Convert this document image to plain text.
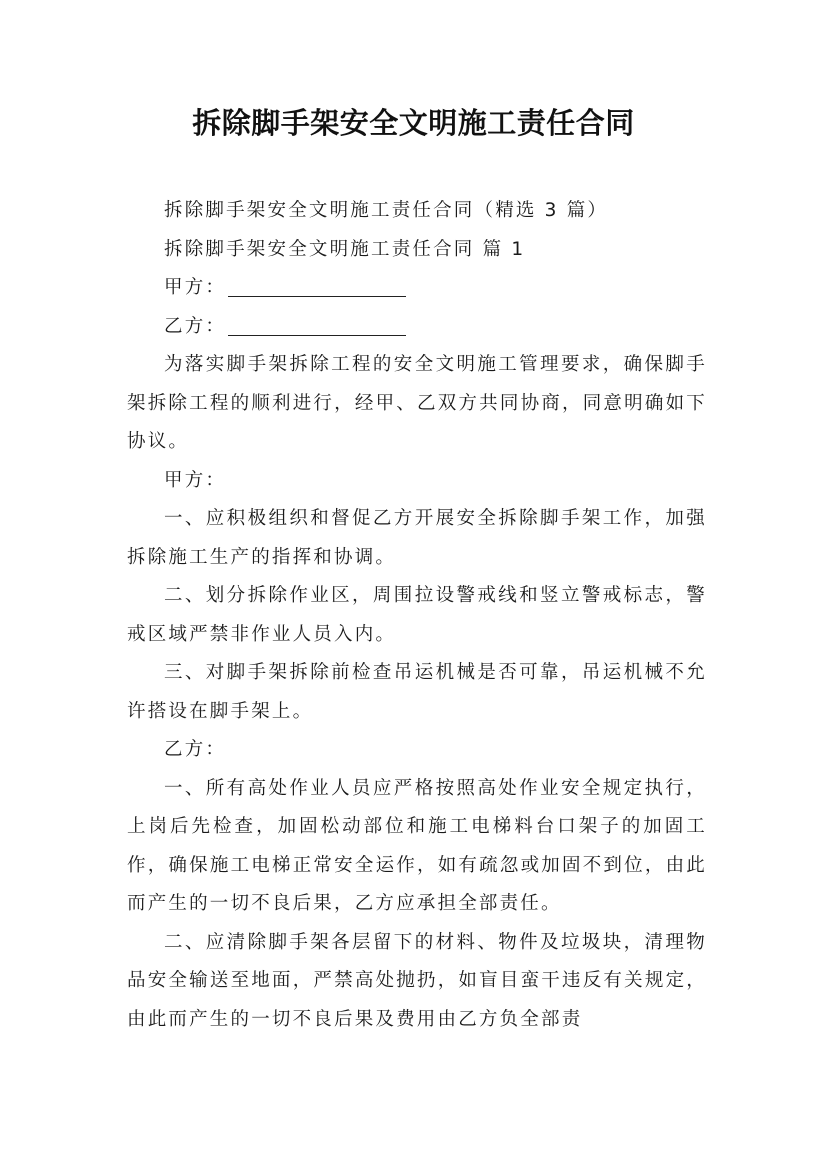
拆除脚手架安全文明施工责任合同

拆除脚手架安全文明施工责任合同（精选 3 篇）

拆除脚手架安全文明施工责任合同 篇 1

甲方：

乙方：

为落实脚手架拆除工程的安全文明施工管理要求，确保脚手架拆除工程的顺利进行，经甲、乙双方共同协商，同意明确如下协议。

甲方：

一、应积极组织和督促乙方开展安全拆除脚手架工作，加强拆除施工生产的指挥和协调。

二、划分拆除作业区，周围拉设警戒线和竖立警戒标志，警戒区域严禁非作业人员入内。

三、对脚手架拆除前检查吊运机械是否可靠，吊运机械不允许搭设在脚手架上。

乙方：

一、所有高处作业人员应严格按照高处作业安全规定执行，上岗后先检查，加固松动部位和施工电梯料台口架子的加固工作，确保施工电梯正常安全运作，如有疏忽或加固不到位，由此而产生的一切不良后果，乙方应承担全部责任。

二、应清除脚手架各层留下的材料、物件及垃圾块，清理物品安全输送至地面，严禁高处抛扔，如盲目蛮干违反有关规定，由此而产生的一切不良后果及费用由乙方负全部责
